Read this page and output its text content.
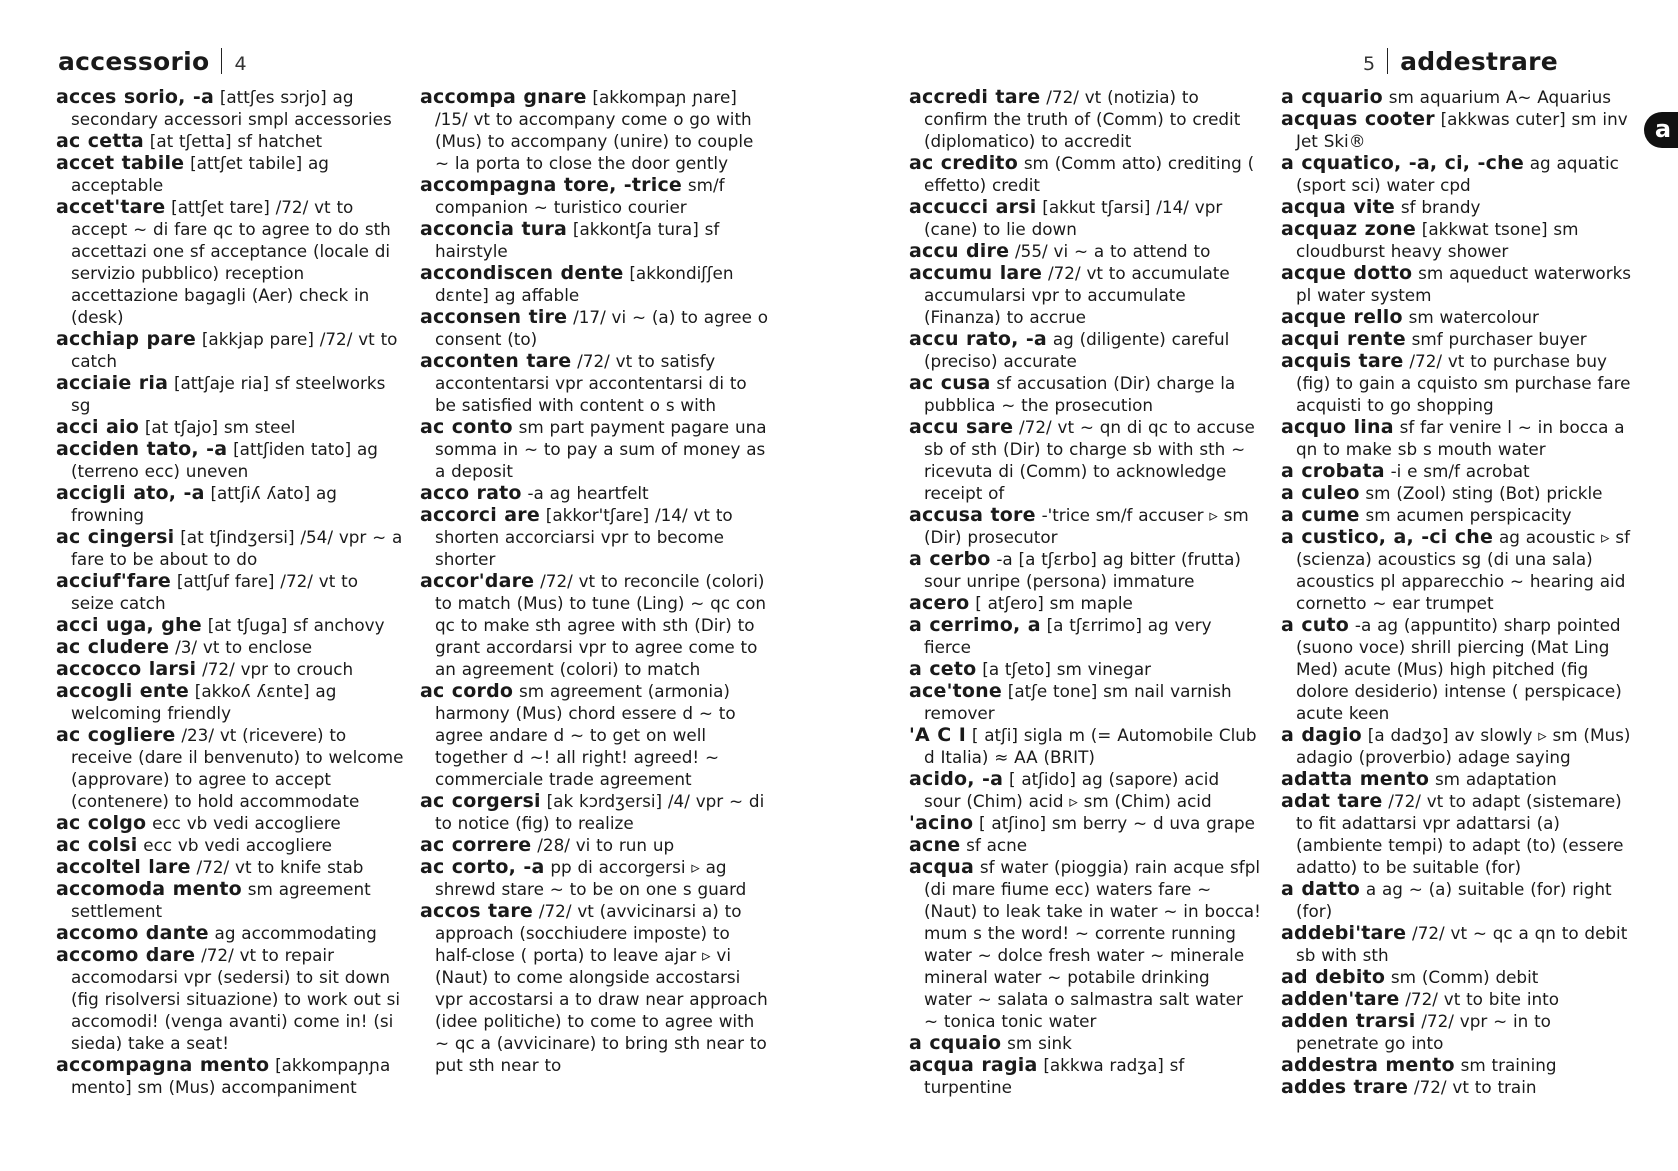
accessorio 4

acces sorio, -a [attʃes sɔrjo] ag secondary accessori smpl accessories

ac cetta [at tʃetta] sf hatchet

accet tabile [attʃet tabile] ag acceptable

accet'tare [attʃet tare] /72/ vt to accept ~ di fare qc to agree to do sth accettazi one sf acceptance (locale di servizio pubblico) reception accettazione bagagli (Aer) check in (desk)

acchiap pare [akkjap pare] /72/ vt to catch

acciaie ria [attʃaje ria] sf steelworks sg

acci aio [at tʃajo] sm steel

acciden tato, -a [attʃiden tato] ag (terreno ecc) uneven

accigli ato, -a [attʃiʎ ʎato] ag frowning

ac cingersi [at tʃindʒersi] /54/ vpr ~ a fare to be about to do

acciuf'fare [attʃuf fare] /72/ vt to seize catch

acci uga, ghe [at tʃuga] sf anchovy

ac cludere /3/ vt to enclose

accocco larsi /72/ vpr to crouch

accogli ente [akkoʎ ʎɛnte] ag welcoming friendly

ac cogliere /23/ vt (ricevere) to receive (dare il benvenuto) to welcome (approvare) to agree to accept (contenere) to hold accommodate

ac colgo ecc vb vedi accogliere

ac colsi ecc vb vedi accogliere

accoltel lare /72/ vt to knife stab

accomoda mento sm agreement settlement

accomo dante ag accommodating

accomo dare /72/ vt to repair accomodarsi vpr (sedersi) to sit down (fig risolversi situazione) to work out si accomodi! (venga avanti) come in! (si sieda) take a seat!

accompagna mento [akkompaɲɲa mento] sm (Mus) accompaniment

accompa gnare [akkompaɲ ɲare] /15/ vt to accompany come o go with (Mus) to accompany (unire) to couple ~ la porta to close the door gently

accompagna tore, -trice sm/f companion ~ turistico courier

acconcia tura [akkontʃa tura] sf hairstyle

accondiscen dente [akkondiʃʃen dɛnte] ag affable

acconsen tire /17/ vi ~ (a) to agree o consent (to)

acconten tare /72/ vt to satisfy accontentarsi vpr accontentarsi di to be satisfied with content o s with

ac conto sm part payment pagare una somma in ~ to pay a sum of money as a deposit

acco rato -a ag heartfelt

accorci are [akkor'tʃare] /14/ vt to shorten accorciarsi vpr to become shorter

accor'dare /72/ vt to reconcile (colori) to match (Mus) to tune (Ling) ~ qc con qc to make sth agree with sth (Dir) to grant accordarsi vpr to agree come to an agreement (colori) to match

ac cordo sm agreement (armonia) harmony (Mus) chord essere d ~ to agree andare d ~ to get on well together d ~! all right! agreed! ~ commerciale trade agreement

ac corgersi [ak kɔrdʒersi] /4/ vpr ~ di to notice (fig) to realize

ac correre /28/ vi to run up

ac corto, -a pp di accorgersi ▹ ag shrewd stare ~ to be on one s guard

accos tare /72/ vt (avvicinarsi a) to approach (socchiudere imposte) to half-close ( porta) to leave ajar ▹ vi (Naut) to come alongside accostarsi vpr accostarsi a to draw near approach (idee politiche) to come to agree with ~ qc a (avvicinare) to bring sth near to put sth near to

5 addestrare

accredi tare /72/ vt (notizia) to confirm the truth of (Comm) to credit (diplomatico) to accredit

ac credito sm (Comm atto) crediting ( effetto) credit

accucci arsi [akkut tʃarsi] /14/ vpr (cane) to lie down

accu dire /55/ vi ~ a to attend to

accumu lare /72/ vt to accumulate accumularsi vpr to accumulate (Finanza) to accrue

accu rato, -a ag (diligente) careful (preciso) accurate

ac cusa sf accusation (Dir) charge la pubblica ~ the prosecution

accu sare /72/ vt ~ qn di qc to accuse sb of sth (Dir) to charge sb with sth ~ ricevuta di (Comm) to acknowledge receipt of

accusa tore -'trice sm/f accuser ▹ sm (Dir) prosecutor

a cerbo -a [a tʃɛrbo] ag bitter (frutta) sour unripe (persona) immature

acero [ atʃero] sm maple

a cerrimo, a [a tʃɛrrimo] ag very fierce

a ceto [a tʃeto] sm vinegar

ace'tone [atʃe tone] sm nail varnish remover

'A C I [ atʃi] sigla m (= Automobile Club d Italia) ≈ AA (BRIT)

acido, -a [ atʃido] ag (sapore) acid sour (Chim) acid ▹ sm (Chim) acid

'acino [ atʃino] sm berry ~ d uva grape

acne sf acne

acqua sf water (pioggia) rain acque sfpl (di mare fiume ecc) waters fare ~ (Naut) to leak take in water ~ in bocca! mum s the word! ~ corrente running water ~ dolce fresh water ~ minerale mineral water ~ potabile drinking water ~ salata o salmastra salt water ~ tonica tonic water

a cquaio sm sink

acqua ragia [akkwa radʒa] sf turpentine

a cquario sm aquarium A~ Aquarius

acquas cooter [akkwas cuter] sm inv Jet Ski®

a cquatico, -a, ci, -che ag aquatic (sport sci) water cpd

acqua vite sf brandy

acquaz zone [akkwat tsone] sm cloudburst heavy shower

acque dotto sm aqueduct waterworks pl water system

acque rello sm watercolour

acqui rente smf purchaser buyer

acquis tare /72/ vt to purchase buy (fig) to gain a cquisto sm purchase fare acquisti to go shopping

acquo lina sf far venire l ~ in bocca a qn to make sb s mouth water

a crobata -i e sm/f acrobat

a culeo sm (Zool) sting (Bot) prickle

a cume sm acumen perspicacity

a custico, a, -ci che ag acoustic ▹ sf (scienza) acoustics sg (di una sala) acoustics pl apparecchio ~ hearing aid cornetto ~ ear trumpet

a cuto -a ag (appuntito) sharp pointed (suono voce) shrill piercing (Mat Ling Med) acute (Mus) high pitched (fig dolore desiderio) intense ( perspicace) acute keen

a dagio [a dadʒo] av slowly ▹ sm (Mus) adagio (proverbio) adage saying

adatta mento sm adaptation

adat tare /72/ vt to adapt (sistemare) to fit adattarsi vpr adattarsi (a) (ambiente tempi) to adapt (to) (essere adatto) to be suitable (for)

a datto a ag ~ (a) suitable (for) right (for)

addebi'tare /72/ vt ~ qc a qn to debit sb with sth

ad debito sm (Comm) debit

adden'tare /72/ vt to bite into

adden trarsi /72/ vpr ~ in to penetrate go into

addestra mento sm training

addes trare /72/ vt to train

a
